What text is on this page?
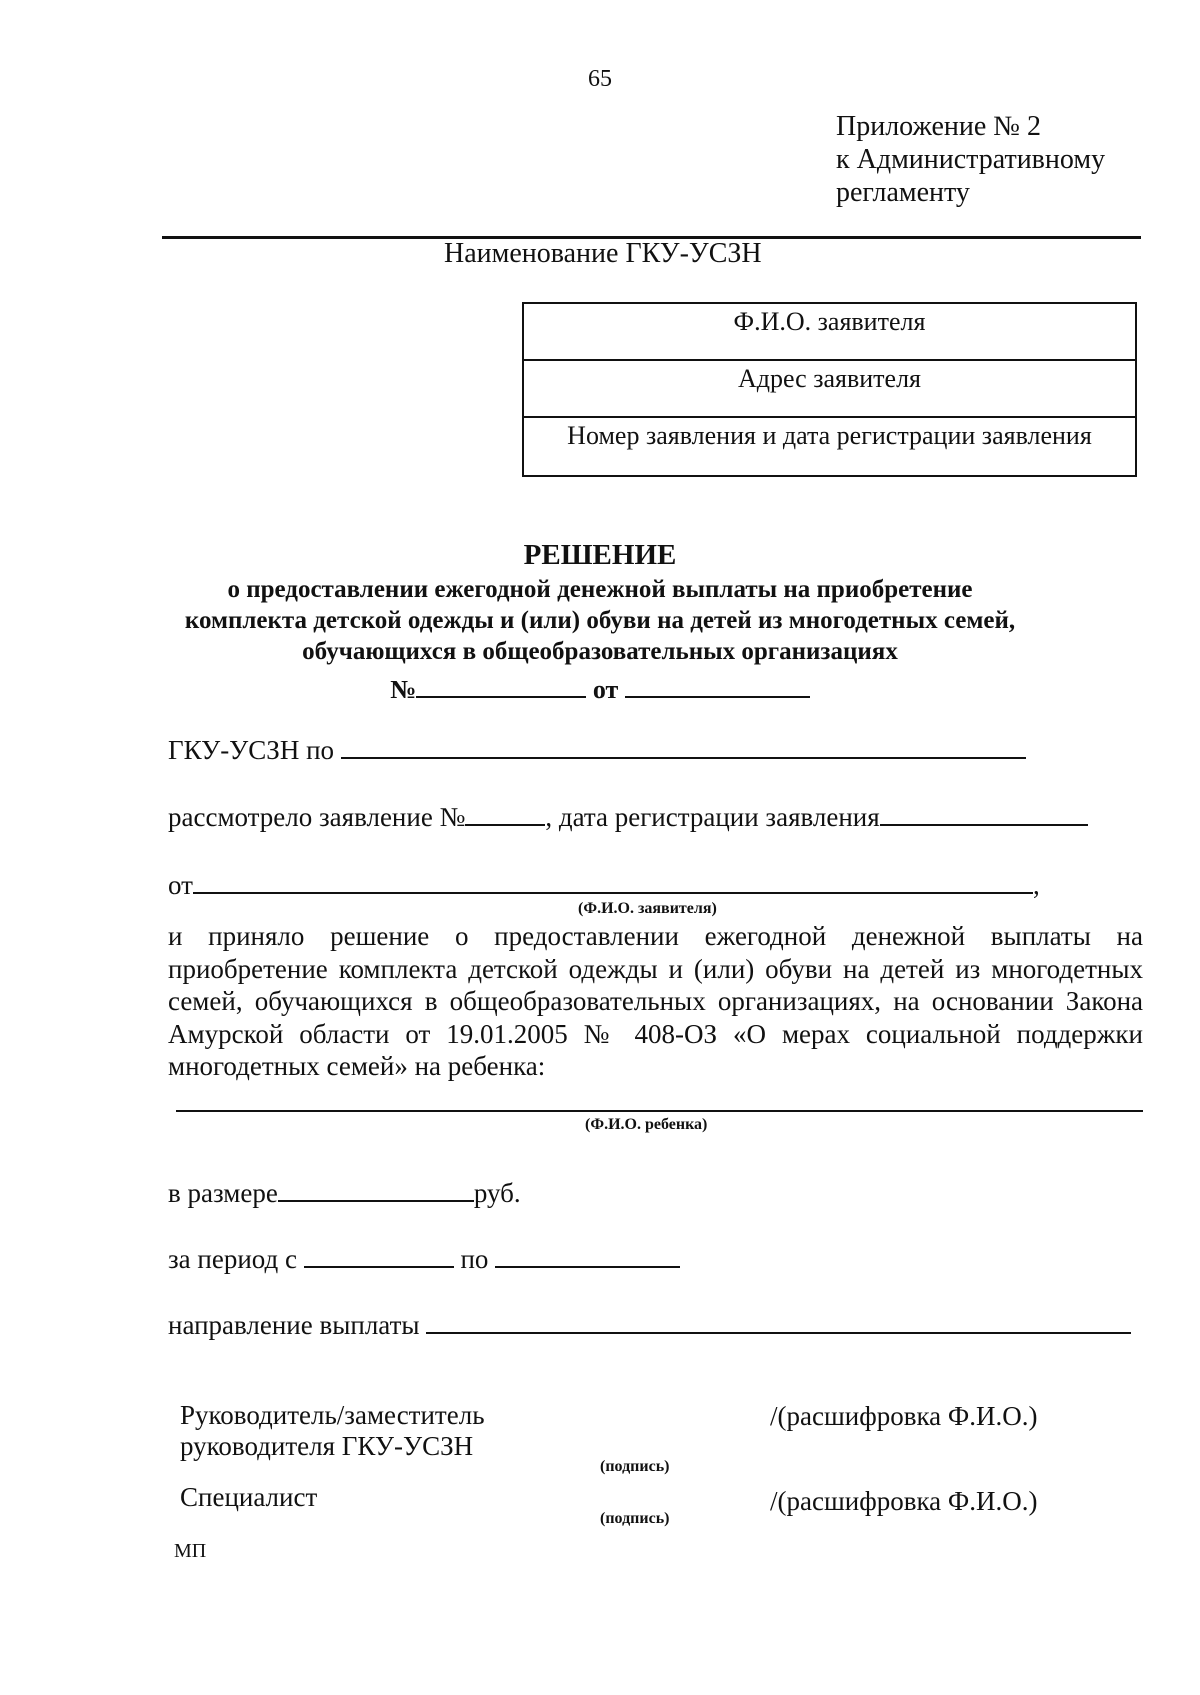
65
Приложение № 2
к Административному
регламенту
Наименование ГКУ-УСЗН
Ф.И.О. заявителя
Адрес заявителя
Номер заявления и дата регистрации заявления
РЕШЕНИЕ
о предоставлении ежегодной денежной выплаты на приобретение
комплекта детской одежды и (или) обуви на детей из многодетных семей,
обучающихся в общеобразовательных организациях
№	от
ГКУ-УСЗН по
рассмотрело заявление №	, дата регистрации заявления
от	,
(Ф.И.О. заявителя)
и приняло решение о предоставлении ежегодной денежной выплаты на
приобретение комплекта детской одежды и (или) обуви на детей из многодетных
семей, обучающихся в общеобразовательных организациях, на основании Закона
Амурской области от 19.01.2005 № 408-ОЗ «О мерах социальной поддержки
многодетных семей» на ребенка:
(Ф.И.О. ребенка)
в размере	руб.
за период с	по
направление выплаты
Руководитель/заместитель
руководителя ГКУ-УСЗН
/(расшифровка Ф.И.О.)
(подпись)
Специалист	/(расшифровка Ф.И.О.)
(подпись)
МП
